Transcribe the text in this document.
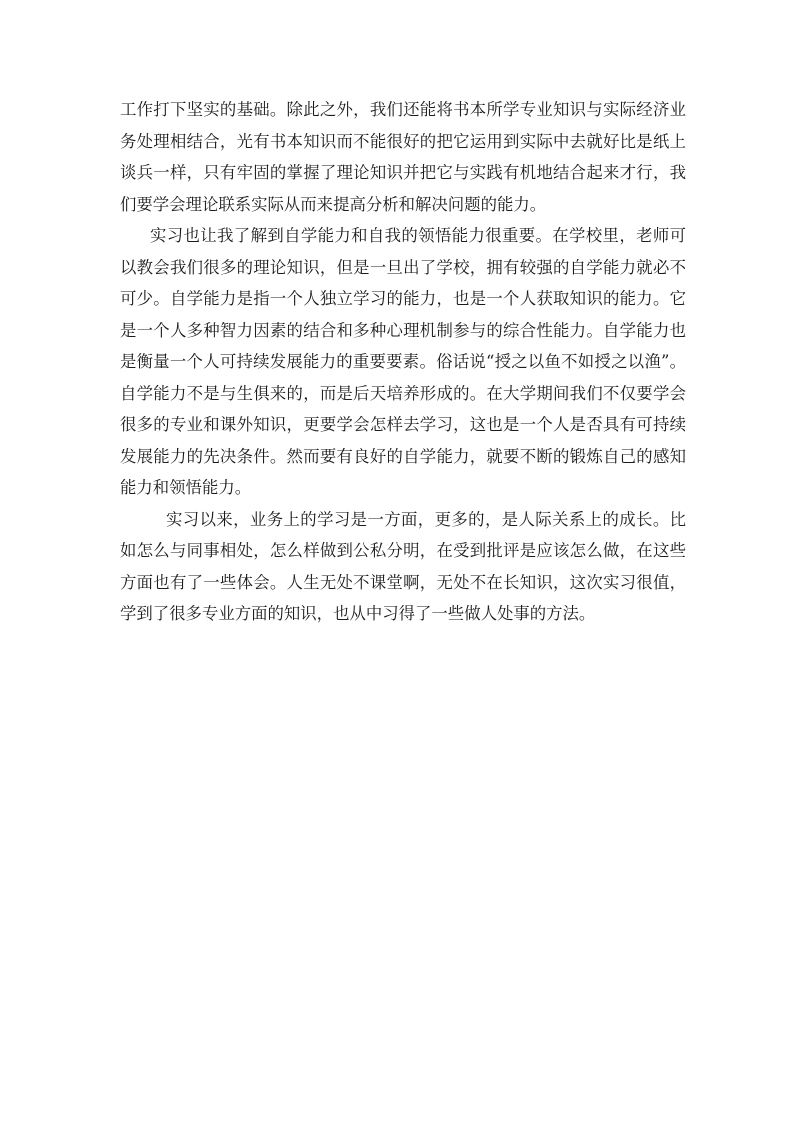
工作打下坚实的基础。除此之外，我们还能将书本所学专业知识与实际经济业务处理相结合，光有书本知识而不能很好的把它运用到实际中去就好比是纸上谈兵一样，只有牢固的掌握了理论知识并把它与实践有机地结合起来才行，我们要学会理论联系实际从而来提高分析和解决问题的能力。

实习也让我了解到自学能力和自我的领悟能力很重要。在学校里，老师可以教会我们很多的理论知识，但是一旦出了学校，拥有较强的自学能力就必不可少。自学能力是指一个人独立学习的能力，也是一个人获取知识的能力。它是一个人多种智力因素的结合和多种心理机制参与的综合性能力。自学能力也是衡量一个人可持续发展能力的重要要素。俗话说“授之以鱼不如授之以渔”。自学能力不是与生俱来的，而是后天培养形成的。在大学期间我们不仅要学会很多的专业和课外知识，更要学会怎样去学习，这也是一个人是否具有可持续发展能力的先决条件。然而要有良好的自学能力，就要不断的锻炼自己的感知能力和领悟能力。

实习以来，业务上的学习是一方面，更多的，是人际关系上的成长。比如怎么与同事相处，怎么样做到公私分明，在受到批评是应该怎么做，在这些方面也有了一些体会。人生无处不课堂啊，无处不在长知识，这次实习很值，学到了很多专业方面的知识，也从中习得了一些做人处事的方法。
